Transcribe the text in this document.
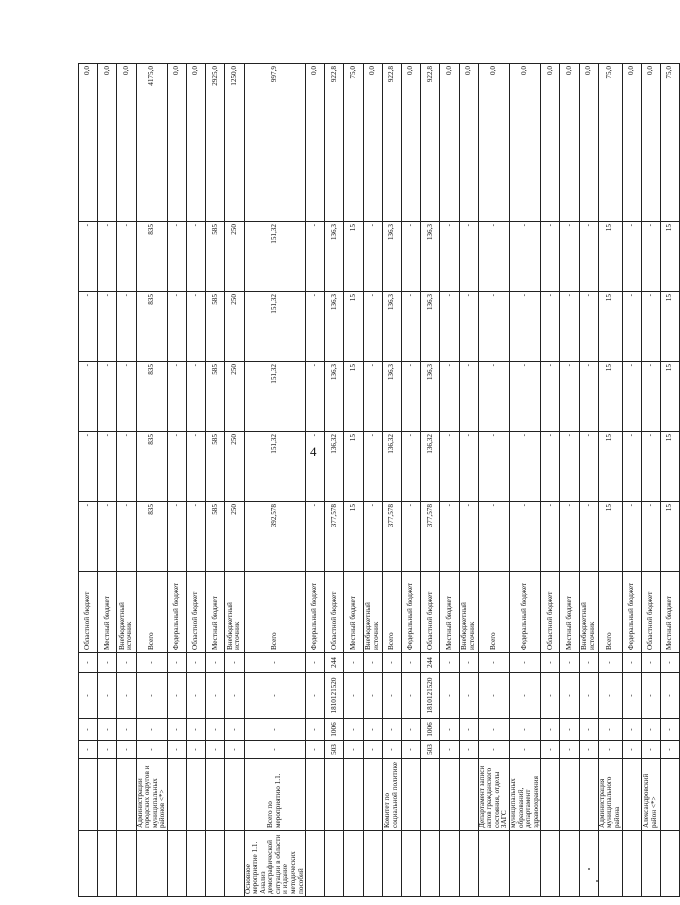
4
		-	-	-	-	Областной бюджет	-	-	-	-	-	0,0
		-	-	-	-	Местный бюджет	-	-	-	-	-	0,0
		-	-	-	-	Внебюджетный источник	-	-	-	-	-	0,0
	Администрации городских округов и муниципальных районов <*>	-	-	-	-	Всего	835	835	835	835	835	4175,0
		-	-	-	-	Федеральный бюджет	-	-	-	-	-	0,0
		-	-	-	-	Областной бюджет	-	-	-	-	-	0,0
		-	-	-	-	Местный бюджет	585	585	585	585	585	2925,0
		-	-	-	-	Внебюджетный источник	250	250	250	250	250	1250,0
Основное мероприятие 1.1. Анализ демографической ситуации в области и издание методических пособий	Всего по мероприятию 1.1.	-	-	-	-	Всего	392,578	151,32	151,32	151,32	151,32	997,9
		-	-	-	-	Федеральный бюджет	-	-	-	-	-	0,0
		503	1006	1810121520	244	Областной бюджет	377,578	136,32	136,3	136,3	136,3	922,8
		-	-	-	-	Местный бюджет	15	15	15	15	15	75,0
		-	-	-	-	Внебюджетный источник	-	-	-	-	-	0,0
	Комитет по социальной политике	-	-	-	-	Всего	377,578	136,32	136,3	136,3	136,3	922,8
		-	-	-	-	Федеральный бюджет	-	-	-	-	-	0,0
		503	1006	1810121520	244	Областной бюджет	377,578	136,32	136,3	136,3	136,3	922,8
		-	-	-	-	Местный бюджет	-	-	-	-	-	0,0
		-	-	-	-	Внебюджетный источник	-	-	-	-	-	0,0
	Департамент записи актов гражданского состояния, отделы ЗАГС	-	-	-	-	Всего	-	-	-	-	-	0,0
	муниципальных образований, департамент здравоохранения	-	-	-	-	Федеральный бюджет	-	-	-	-	-	0,0
		-	-	-	-	Областной бюджет	-	-	-	-	-	0,0
		-	-	-	-	Местный бюджет	-	-	-	-	-	0,0
		-	-	-	-	Внебюджетный источник	-	-	-	-	-	0,0
	Администрация муниципального района	-	-	-	-	Всего	15	15	15	15	15	75,0
		-	-	-	-	Федеральный бюджет	-	-	-	-	-	0,0
	Александровский район <*>	-	-	-	-	Областной бюджет	-	-	-	-	-	0,0
		-	-	-	-	Местный бюджет	15	15	15	15	15	75,0
